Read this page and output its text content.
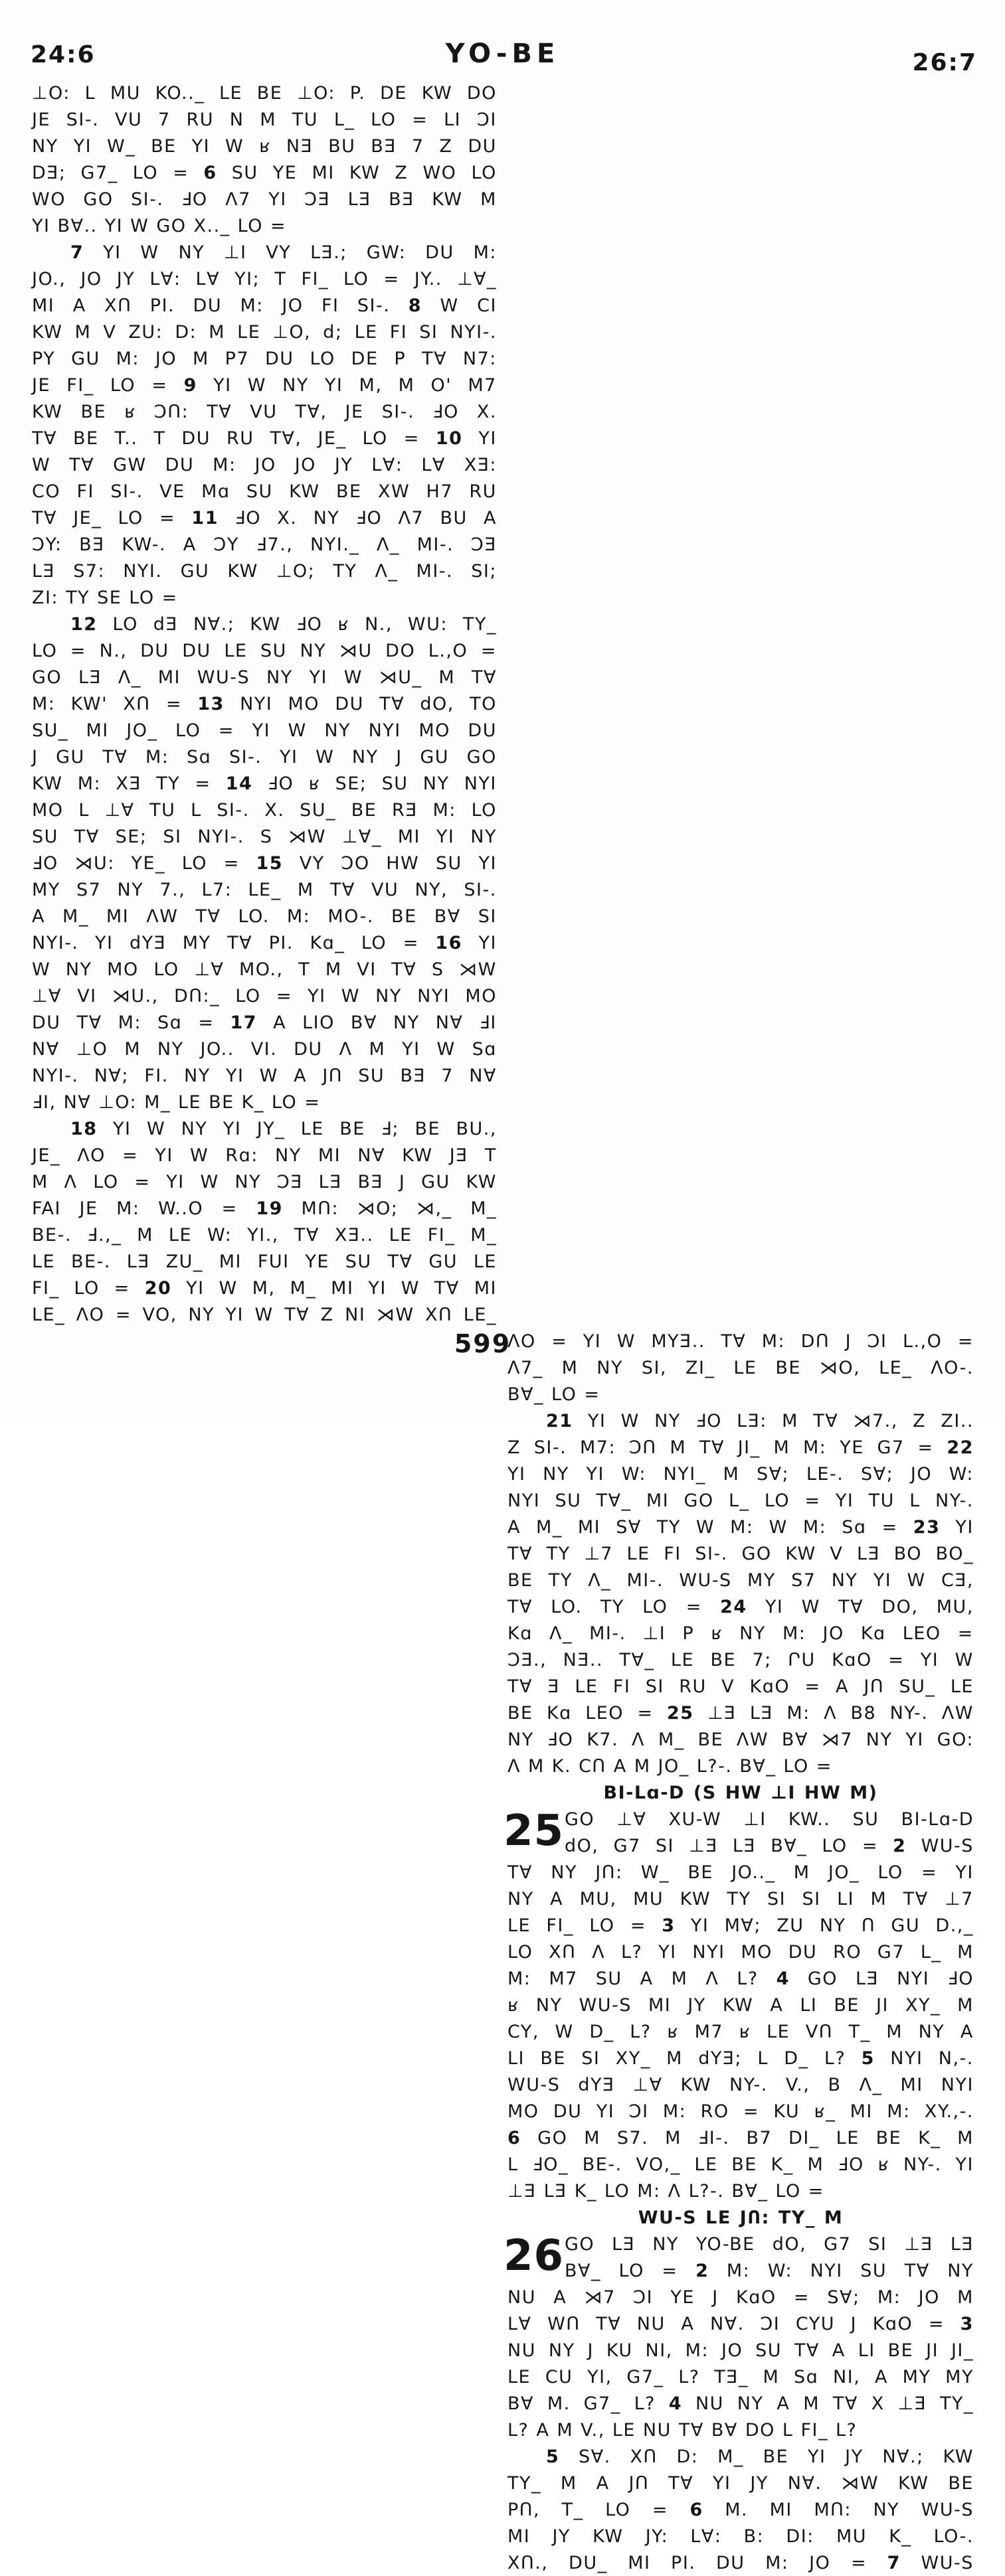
24:6	YO-BE	26:7
⊥O: L MU KO.._ LE BE ⊥O: P. DE KW DO
JE SI-. VU 7 RU N M TU L_ LO = LI ƆI
NY YI W_ BE YI W ʁ NƎ BU BƎ 7 Z DU
DƎ; G7_ LO = 6 SU YE MI KW Z WO LO
WO GO SI-. ℲO Λ7 YI ƆƎ LƎ BƎ KW M
YI B∀.. YI W GO X.._ LO =
7 YI W NY ⊥I VY LƎ.; GW: DU M:
JO., JO JY L∀: L∀ YI; T FI_ LO = JY.. ⊥∀_
MI A XՈ PI. DU M: JO FI SI-. 8 W CI
KW M V ZU: D: M LE ⊥O, d; LE FI SI NYI-.
PY GU M: JO M P7 DU LO DE P T∀ N7:
JE FI_ LO = 9 YI W NY YI M, M O' M7
KW BE ʁ ƆՈ: T∀ VU T∀, JE SI-. ℲO X.
T∀ BE T.. T DU RU T∀, JE_ LO = 10 YI
W T∀ GW DU M: JO JO JY L∀: L∀ XƎ:
CO FI SI-. VE Mɑ SU KW BE XW H7 RU
T∀ JE_ LO = 11 ℲO X. NY ℲO Λ7 BU A
ƆY: BƎ KW-. A ƆY Ⅎ7., NYI._ Λ_ MI-. ƆƎ
LƎ S7: NYI. GU KW ⊥O; TY Λ_ MI-. SI;
ZI: TY SE LO =
12 LO dƎ N∀.; KW ℲO ʁ N., WU: TY_
LO = N., DU DU LE SU NY ⋊U DO L.,O =
GO LƎ Λ_ MI WU-S NY YI W ⋊U_ M T∀
M: KW' XՈ = 13 NYI MO DU T∀ dO, TO
SU_ MI JO_ LO = YI W NY NYI MO DU
J GU T∀ M: Sɑ SI-. YI W NY J GU GO
KW M: XƎ TY = 14 ℲO ʁ SE; SU NY NYI
MO L ⊥∀ TU L SI-. X. SU_ BE RƎ M: LO
SU T∀ SE; SI NYI-. S ⋊W ⊥∀_ MI YI NY
ℲO ⋊U: YE_ LO = 15 VY ƆO HW SU YI
MY S7 NY 7., L7: LE_ M T∀ VU NY, SI-.
A M_ MI ΛW T∀ LO. M: MO-. BE B∀ SI
NYI-. YI dYƎ MY T∀ PI. Kɑ_ LO = 16 YI
W NY MO LO ⊥∀ MO., T M VI T∀ S ⋊W
⊥∀ VI ⋊U., DՈ:_ LO = YI W NY NYI MO
DU T∀ M: Sɑ = 17 A LIO B∀ NY N∀ ℲI
N∀ ⊥O M NY JO.. VI. DU Λ M YI W Sɑ
NYI-. N∀; FI. NY YI W A JՈ SU BƎ 7 N∀
ℲI, N∀ ⊥O: M_ LE BE K_ LO =
18 YI W NY YI JY_ LE BE Ⅎ; BE BU.,
JE_ ΛO = YI W Rɑ: NY MI N∀ KW JƎ T
M Λ LO = YI W NY ƆƎ LƎ BƎ J GU KW
FAI JE M: W..O = 19 MՈ: ⋊O; ⋊,_ M_
BE-. Ⅎ.,_ M LE W: YI., T∀ XƎ.. LE FI_ M_
LE BE-. LƎ ZU_ MI FUI YE SU T∀ GU LE
FI_ LO = 20 YI W M, M_ MI YI W T∀ MI
LE_ ΛO = VO, NY YI W T∀ Z NI ⋊W XՈ LE_
ΛO = YI W MYƎ.. T∀ M: DՈ J ƆI L.,O =
Λ7_ M NY SI, ZI_ LE BE ⋊O, LE_ ΛO-.
B∀_ LO =
21 YI W NY ℲO LƎ: M T∀ ⋊7., Z ZI..
Z SI-. M7: ƆՈ M T∀ JI_ M M: YE G7 = 22
YI NY YI W: NYI_ M S∀; LE-. S∀; JO W:
NYI SU T∀_ MI GO L_ LO = YI TU L NY-.
A M_ MI S∀ TY W M: W M: Sɑ = 23 YI
T∀ TY ⊥7 LE FI SI-. GO KW V LƎ BO BO_
BE TY Λ_ MI-. WU-S MY S7 NY YI W CƎ,
T∀ LO. TY LO = 24 YI W T∀ DO, MU,
Kɑ Λ_ MI-. ⊥I P ʁ NY M: JO Kɑ LEO =
ƆƎ., NƎ.. T∀_ LE BE 7; ՐU KɑO = YI W
T∀ Ǝ LE FI SI RU V KɑO = A JՈ SU_ LE
BE Kɑ LEO = 25 ⊥Ǝ LƎ M: Λ B8 NY-. ΛW
NY ℲO K7. Λ M_ BE ΛW B∀ ⋊7 NY YI GO:
Λ M K. CՈ A M JO_ L?-. B∀_ LO =
BI-Lɑ-D (S HW ⊥I HW M)
GO ⊥∀ XU-W ⊥I KW.. SU BI-Lɑ-D
dO, G7 SI ⊥Ǝ LƎ B∀_ LO = 2 WU-S
T∀ NY JՈ: W_ BE JO.._ M JO_ LO = YI
NY A MU, MU KW TY SI SI LI M T∀ ⊥7
LE FI_ LO = 3 YI M∀; ZU NY Ո GU D.,_
LO XՈ Λ L? YI NYI MO DU RO G7 L_ M
M: M7 SU A M Λ L? 4 GO LƎ NYI ℲO
ʁ NY WU-S MI JY KW A LI BE JI XY_ M
CY, W D_ L? ʁ M7 ʁ LE VՈ T_ M NY A
LI BE SI XY_ M dYƎ; L D_ L? 5 NYI N,-.
WU-S dYƎ ⊥∀ KW NY-. V., B Λ_ MI NYI
MO DU YI ƆI M: RO = KU ʁ_ MI M: XY.,-.
6 GO M S7. M ℲI-. B7 DI_ LE BE K_ M
L ℲO_ BE-. VO,_ LE BE K_ M ℲO ʁ NY-. YI
⊥Ǝ LƎ K_ LO M: Λ L?-. B∀_ LO =
WU-S LE JՈ: TY_ M
GO LƎ NY YO-BE dO, G7 SI ⊥Ǝ LƎ
B∀_ LO = 2 M: W: NYI SU T∀ NY
NU A ⋊7 ƆI YE J KɑO = S∀; M: JO M
L∀ WՈ T∀ NU A N∀. ƆI CYU J KɑO = 3
NU NY J KU NI, M: JO SU T∀ A LI BE JI JI_
LE CU YI, G7_ L? TƎ_ M Sɑ NI, A MY MY
B∀ M. G7_ L? 4 NU NY A M T∀ X ⊥Ǝ TY_
L? A M V., LE NU T∀ B∀ DO L FI_ L?
5 S∀. XՈ D: M_ BE YI JY N∀.; KW
TY_ M A JՈ T∀ YI JY N∀. ⋊W KW BE
PՈ, T_ LO = 6 M. MI MՈ: NY WU-S
MI JY KW JY: L∀: B: DI: MU K_ LO-.
XՈ., DU_ MI PI. DU M: JO = 7 WU-S
25
26
599
